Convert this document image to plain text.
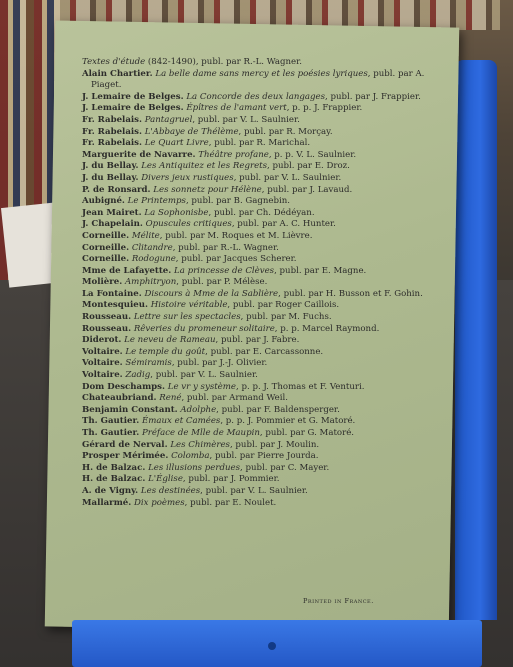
Textes d'étude (842-1490), publ. par R.-L. Wagner.

Alain Chartier. La belle dame sans mercy et les poésies lyriques, publ. par A. Piaget.

J. Lemaire de Belges. La Concorde des deux langages, publ. par J. Frappier.

J. Lemaire de Belges. Épîtres de l'amant vert, p. p. J. Frappier.

Fr. Rabelais. Pantagruel, publ. par V. L. Saulnier.

Fr. Rabelais. L'Abbaye de Thélème, publ. par R. Morçay.

Fr. Rabelais. Le Quart Livre, publ. par R. Marichal.

Marguerite de Navarre. Théâtre profane, p. p. V. L. Saulnier.

J. du Bellay. Les Antiquitez et les Regrets, publ. par E. Droz.

J. du Bellay. Divers jeux rustiques, publ. par V. L. Saulnier.

P. de Ronsard. Les sonnetz pour Hélène, publ. par J. Lavaud.

Aubigné. Le Printemps, publ. par B. Gagnebin.

Jean Mairet. La Sophonisbe, publ. par Ch. Dédéyan.

J. Chapelain. Opuscules critiques, publ. par A. C. Hunter.

Corneille. Mélite, publ. par M. Roques et M. Lièvre.

Corneille. Clitandre, publ. par R.-L. Wagner.

Corneille. Rodogune, publ. par Jacques Scherer.

Mme de Lafayette. La princesse de Clèves, publ. par E. Magne.

Molière. Amphitryon, publ. par P. Mélèse.

La Fontaine. Discours à Mme de la Sablière, publ. par H. Busson et F. Gohin.

Montesquieu. Histoire véritable, publ. par Roger Caillois.

Rousseau. Lettre sur les spectacles, publ. par M. Fuchs.

Rousseau. Rêveries du promeneur solitaire, p. p. Marcel Raymond.

Diderot. Le neveu de Rameau, publ. par J. Fabre.

Voltaire. Le temple du goût, publ. par E. Carcassonne.

Voltaire. Sémiramis, publ. par J.-J. Olivier.

Voltaire. Zadig, publ. par V. L. Saulnier.

Dom Deschamps. Le vr y système, p. p. J. Thomas et F. Venturi.

Chateaubriand. René, publ. par Armand Weil.

Benjamin Constant. Adolphe, publ. par F. Baldensperger.

Th. Gautier. Émaux et Camées, p. p. J. Pommier et G. Matoré.

Th. Gautier. Préface de Mlle de Maupin, publ. par G. Matoré.

Gérard de Nerval. Les Chimères, publ. par J. Moulin.

Prosper Mérimée. Colomba, publ. par Pierre Jourda.

H. de Balzac. Les illusions perdues, publ. par C. Mayer.

H. de Balzac. L'Église, publ. par J. Pommier.

A. de Vigny. Les destinées, publ. par V. L. Saulnier.

Mallarmé. Dix poèmes, publ. par E. Noulet.

Printed in France.
